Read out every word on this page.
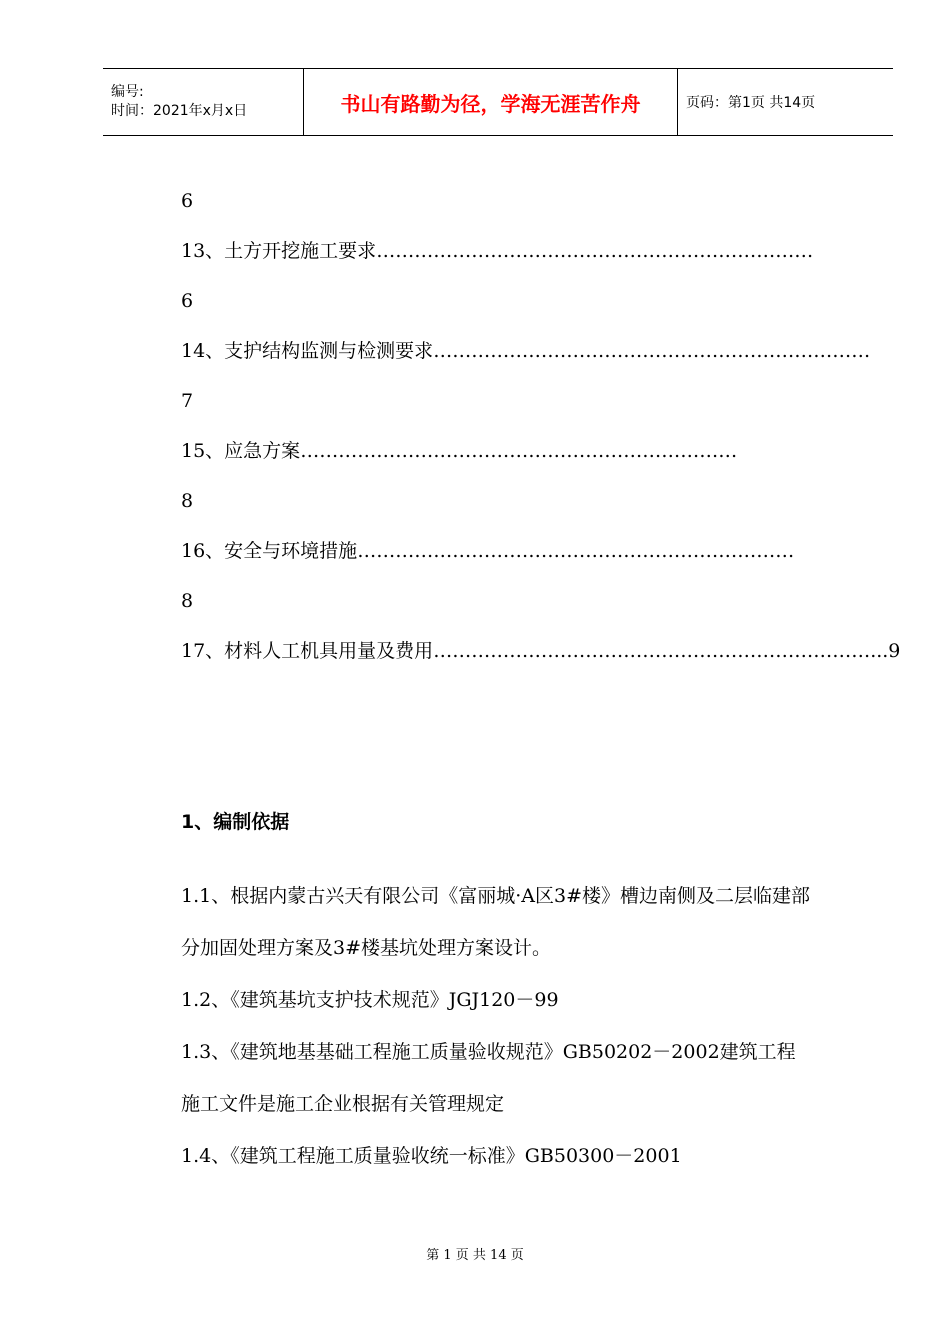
编号:
时间：2021年x月x日	书山有路勤为径，学海无涯苦作舟	页码：第1页 共14页
6
13、土方开挖施工要求 ……………………………………………………………
6
14、支护结构监测与检测要求 ……………………………………………………………
7
15、应急方案 ……………………………………………………………
8
16、安全与环境措施 ……………………………………………………………
8
17、材料人工机具用量及费用 …………………………………………………………… ...9
1、编制依据

1.1、根据内蒙古兴天有限公司《富丽城·A区3#楼》槽边南侧及二层临建部分加固处理方案及3#楼基坑处理方案设计。

1.2、《建筑基坑支护技术规范》JGJ120－99

1.3、《建筑地基基础工程施工质量验收规范》GB50202－2002建筑工程施工文件是施工企业根据有关管理规定

1.4、《建筑工程施工质量验收统一标准》GB50300－2001

第 1 页 共 14 页
